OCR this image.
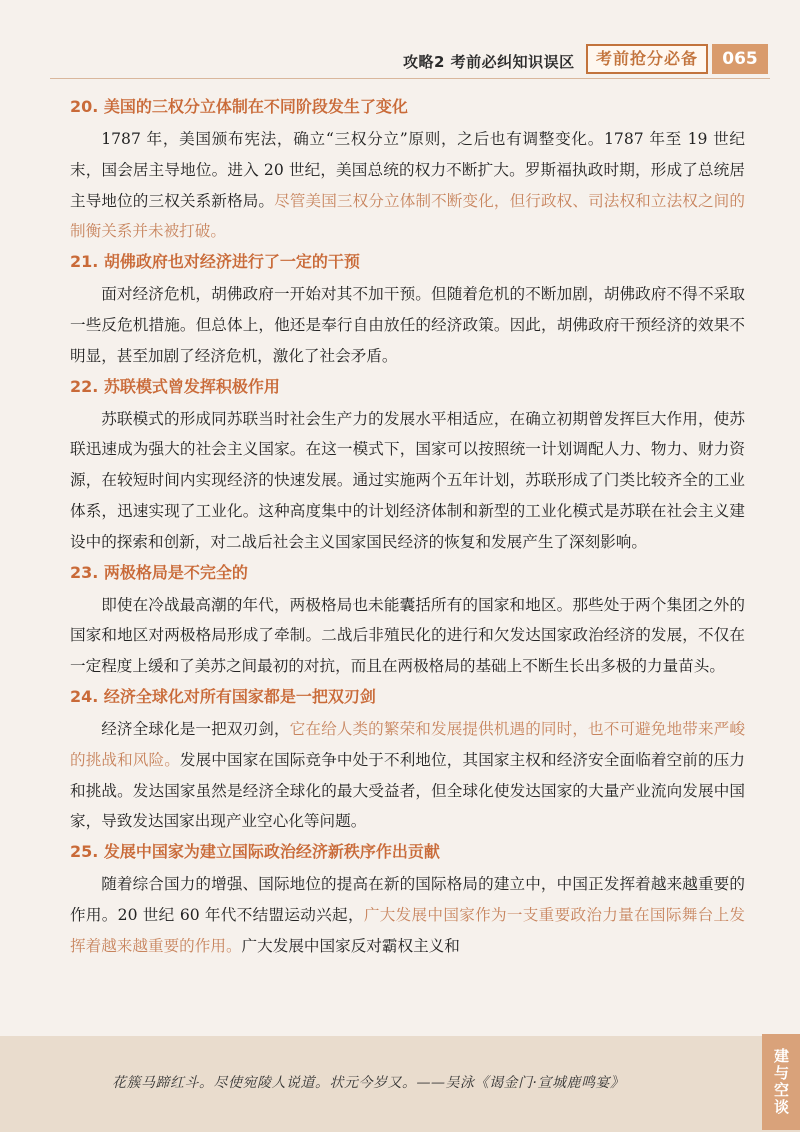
攻略2 考前必纠知识误区	考前抢分必备	065
20. 美国的三权分立体制在不同阶段发生了变化

1787 年，美国颁布宪法，确立“三权分立”原则，之后也有调整变化。1787 年至 19 世纪末，国会居主导地位。进入 20 世纪，美国总统的权力不断扩大。罗斯福执政时期，形成了总统居主导地位的三权关系新格局。尽管美国三权分立体制不断变化，但行政权、司法权和立法权之间的制衡关系并未被打破。

21. 胡佛政府也对经济进行了一定的干预

面对经济危机，胡佛政府一开始对其不加干预。但随着危机的不断加剧，胡佛政府不得不采取一些反危机措施。但总体上，他还是奉行自由放任的经济政策。因此，胡佛政府干预经济的效果不明显，甚至加剧了经济危机，激化了社会矛盾。

22. 苏联模式曾发挥积极作用

苏联模式的形成同苏联当时社会生产力的发展水平相适应，在确立初期曾发挥巨大作用，使苏联迅速成为强大的社会主义国家。在这一模式下，国家可以按照统一计划调配人力、物力、财力资源，在较短时间内实现经济的快速发展。通过实施两个五年计划，苏联形成了门类比较齐全的工业体系，迅速实现了工业化。这种高度集中的计划经济体制和新型的工业化模式是苏联在社会主义建设中的探索和创新，对二战后社会主义国家国民经济的恢复和发展产生了深刻影响。

23. 两极格局是不完全的

即使在冷战最高潮的年代，两极格局也未能囊括所有的国家和地区。那些处于两个集团之外的国家和地区对两极格局形成了牵制。二战后非殖民化的进行和欠发达国家政治经济的发展，不仅在一定程度上缓和了美苏之间最初的对抗，而且在两极格局的基础上不断生长出多极的力量苗头。

24. 经济全球化对所有国家都是一把双刃剑

经济全球化是一把双刃剑，它在给人类的繁荣和发展提供机遇的同时，也不可避免地带来严峻的挑战和风险。发展中国家在国际竞争中处于不利地位，其国家主权和经济安全面临着空前的压力和挑战。发达国家虽然是经济全球化的最大受益者，但全球化使发达国家的大量产业流向发展中国家，导致发达国家出现产业空心化等问题。

25. 发展中国家为建立国际政治经济新秩序作出贡献

随着综合国力的增强、国际地位的提高在新的国际格局的建立中，中国正发挥着越来越重要的作用。20 世纪 60 年代不结盟运动兴起，广大发展中国家作为一支重要政治力量在国际舞台上发挥着越来越重要的作用。广大发展中国家反对霸权主义和

花簇马蹄红斗。尽使宛陵人说道。状元今岁又。——吴泳《谒金门·宣城鹿鸣宴》	建与空谈
